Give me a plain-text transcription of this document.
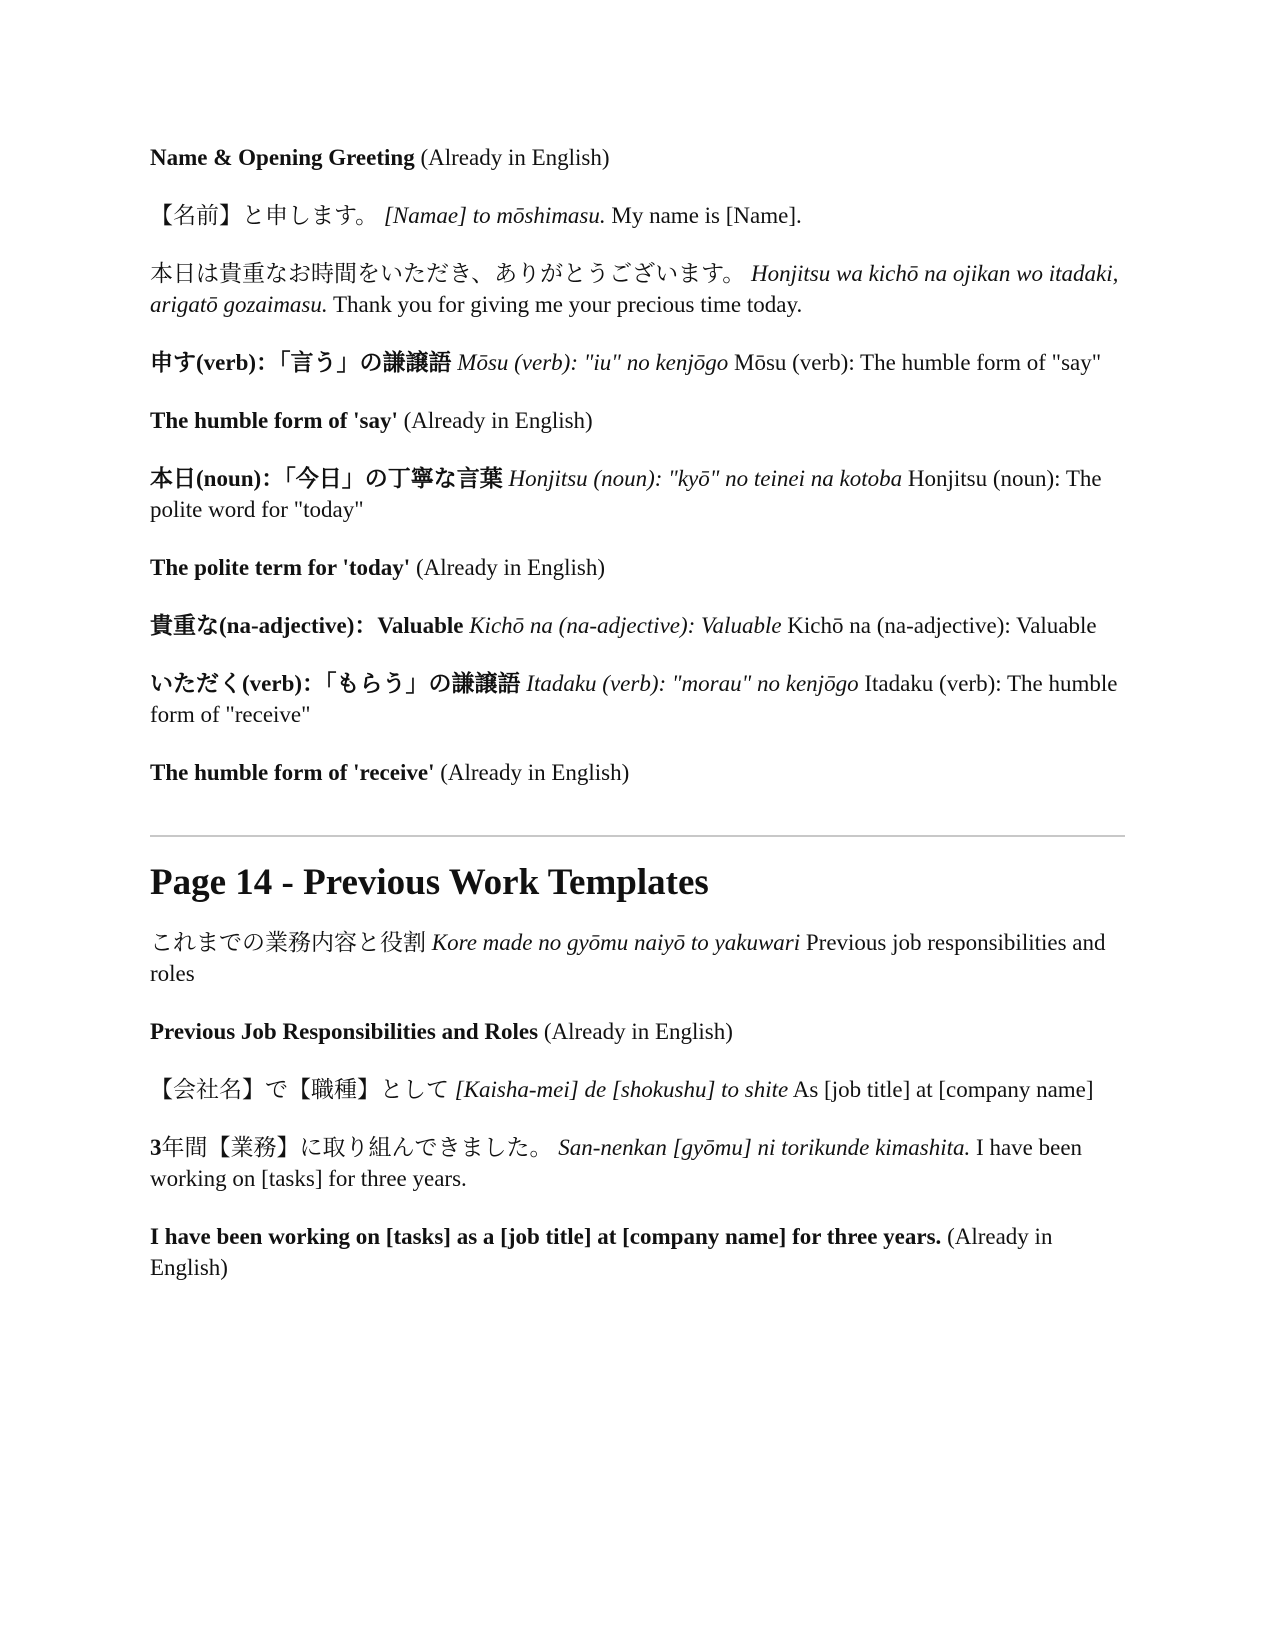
Name & Opening Greeting (Already in English)

【名前】と申します。 [Namae] to mōshimasu. My name is [Name].

本日は貴重なお時間をいただき、ありがとうございます。 Honjitsu wa kichō na ojikan wo itadaki, arigatō gozaimasu. Thank you for giving me your precious time today.

申す(verb)：「言う」の謙譲語 Mōsu (verb): "iu" no kenjōgo Mōsu (verb): The humble form of "say"

The humble form of 'say' (Already in English)

本日(noun)：「今日」の丁寧な言葉 Honjitsu (noun): "kyō" no teinei na kotoba Honjitsu (noun): The polite word for "today"

The polite term for 'today' (Already in English)

貴重な(na-adjective)：Valuable Kichō na (na-adjective): Valuable Kichō na (na-adjective): Valuable

いただく(verb)：「もらう」の謙譲語 Itadaku (verb): "morau" no kenjōgo Itadaku (verb): The humble form of "receive"

The humble form of 'receive' (Already in English)

Page 14 - Previous Work Templates

これまでの業務内容と役割 Kore made no gyōmu naiyō to yakuwari Previous job responsibilities and roles

Previous Job Responsibilities and Roles (Already in English)

【会社名】で【職種】として [Kaisha-mei] de [shokushu] to shite As [job title] at [company name]

3年間【業務】に取り組んできました。 San-nenkan [gyōmu] ni torikunde kimashita. I have been working on [tasks] for three years.

I have been working on [tasks] as a [job title] at [company name] for three years. (Already in English)
